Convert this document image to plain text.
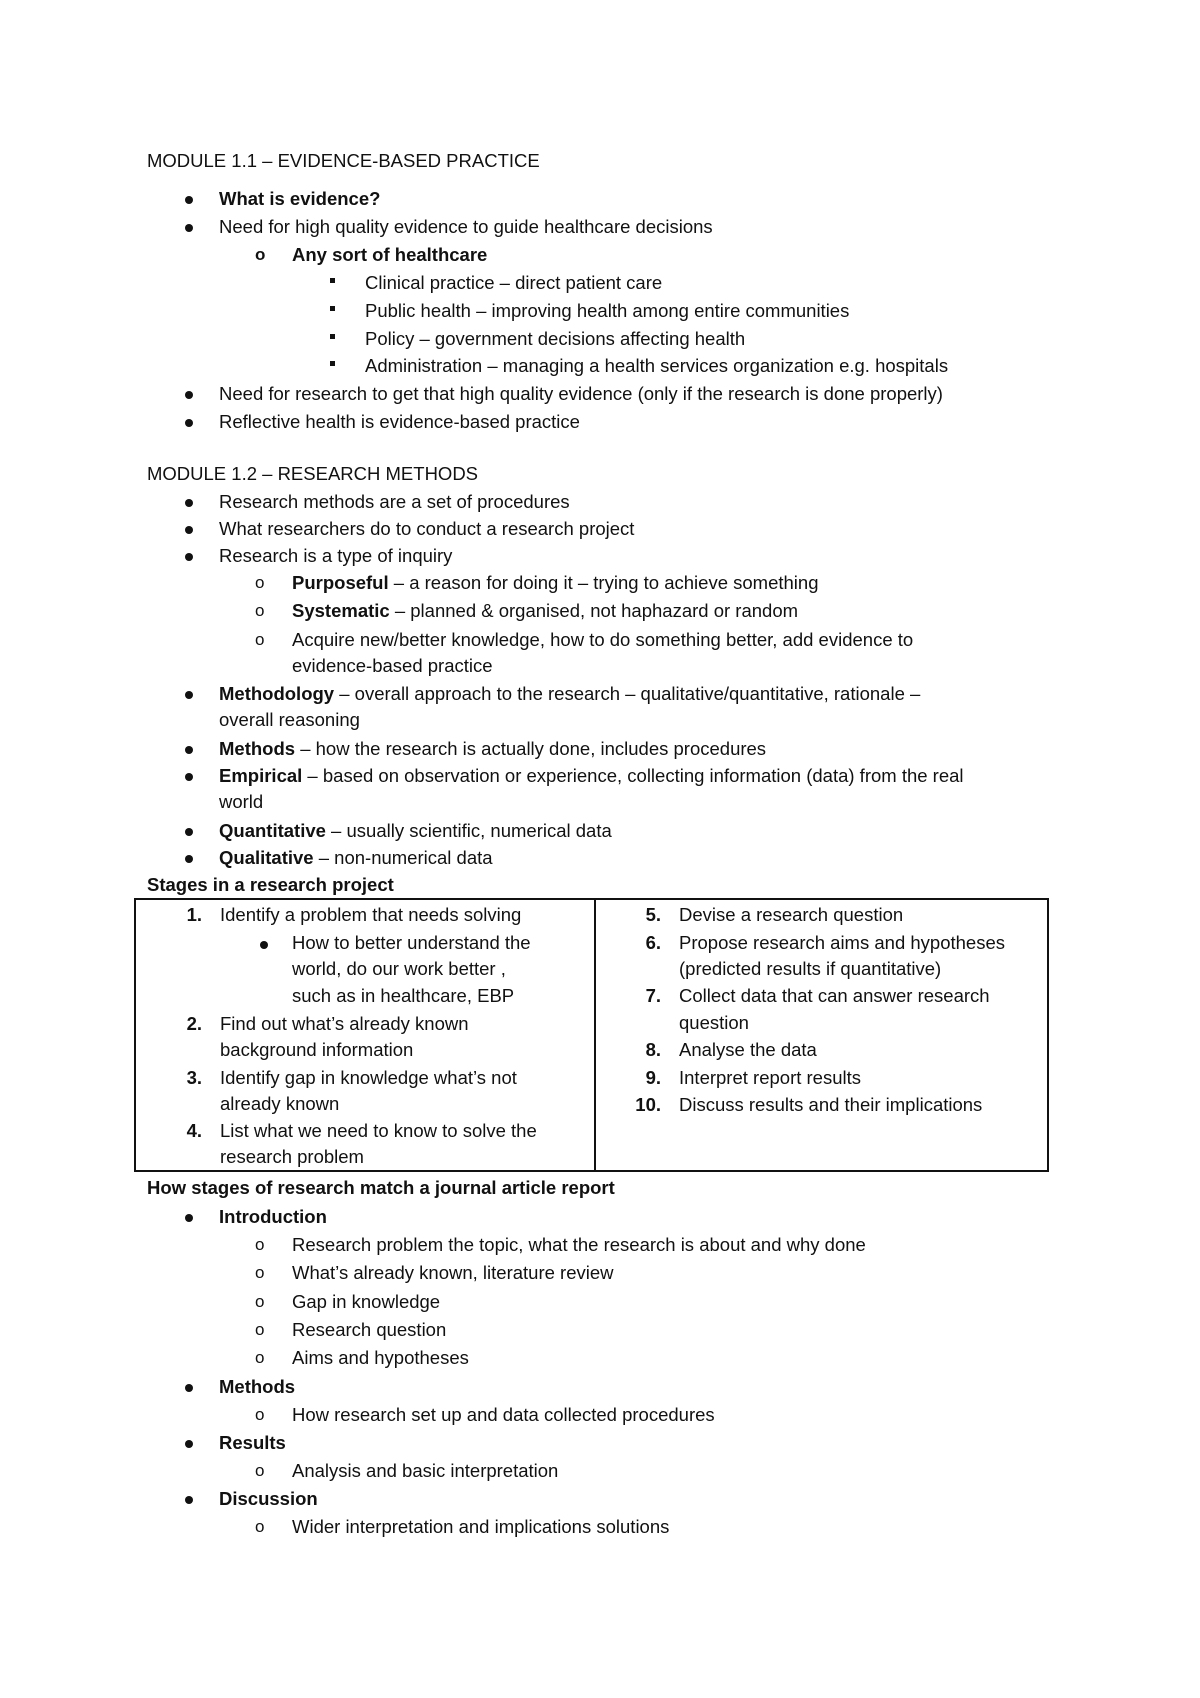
MODULE 1.1 – EVIDENCE-BASED PRACTICE
What is evidence?
Need for high quality evidence to guide healthcare decisions
o Any sort of healthcare
Clinical practice – direct patient care
Public health – improving health among entire communities
Policy – government decisions affecting health
Administration – managing a health services organization e.g. hospitals
Need for research to get that high quality evidence (only if the research is done properly)
Reflective health is evidence-based practice
MODULE 1.2 – RESEARCH METHODS
Research methods are a set of procedures
What researchers do to conduct a research project
Research is a type of inquiry
o Purposeful – a reason for doing it – trying to achieve something
o Systematic – planned & organised, not haphazard or random
o Acquire new/better knowledge, how to do something better, add evidence to
evidence-based practice
Methodology – overall approach to the research – qualitative/quantitative, rationale –
overall reasoning
Methods – how the research is actually done, includes procedures
Empirical – based on observation or experience, collecting information (data) from the real
world
Quantitative – usually scientific, numerical data
Qualitative – non-numerical data
Stages in a research project
1. Identify a problem that needs solving
How to better understand the
world, do our work better ,
such as in healthcare, EBP
2. Find out what’s already known
background information
3. Identify gap in knowledge what’s not
already known
4. List what we need to know to solve the
research problem
5. Devise a research question
6. Propose research aims and hypotheses
(predicted results if quantitative)
7. Collect data that can answer research
question
8. Analyse the data
9. Interpret report results
10. Discuss results and their implications
How stages of research match a journal article report
Introduction
o Research problem the topic, what the research is about and why done
o What’s already known, literature review
o Gap in knowledge
o Research question
o Aims and hypotheses
Methods
o How research set up and data collected procedures
Results
o Analysis and basic interpretation
Discussion
o Wider interpretation and implications solutions
